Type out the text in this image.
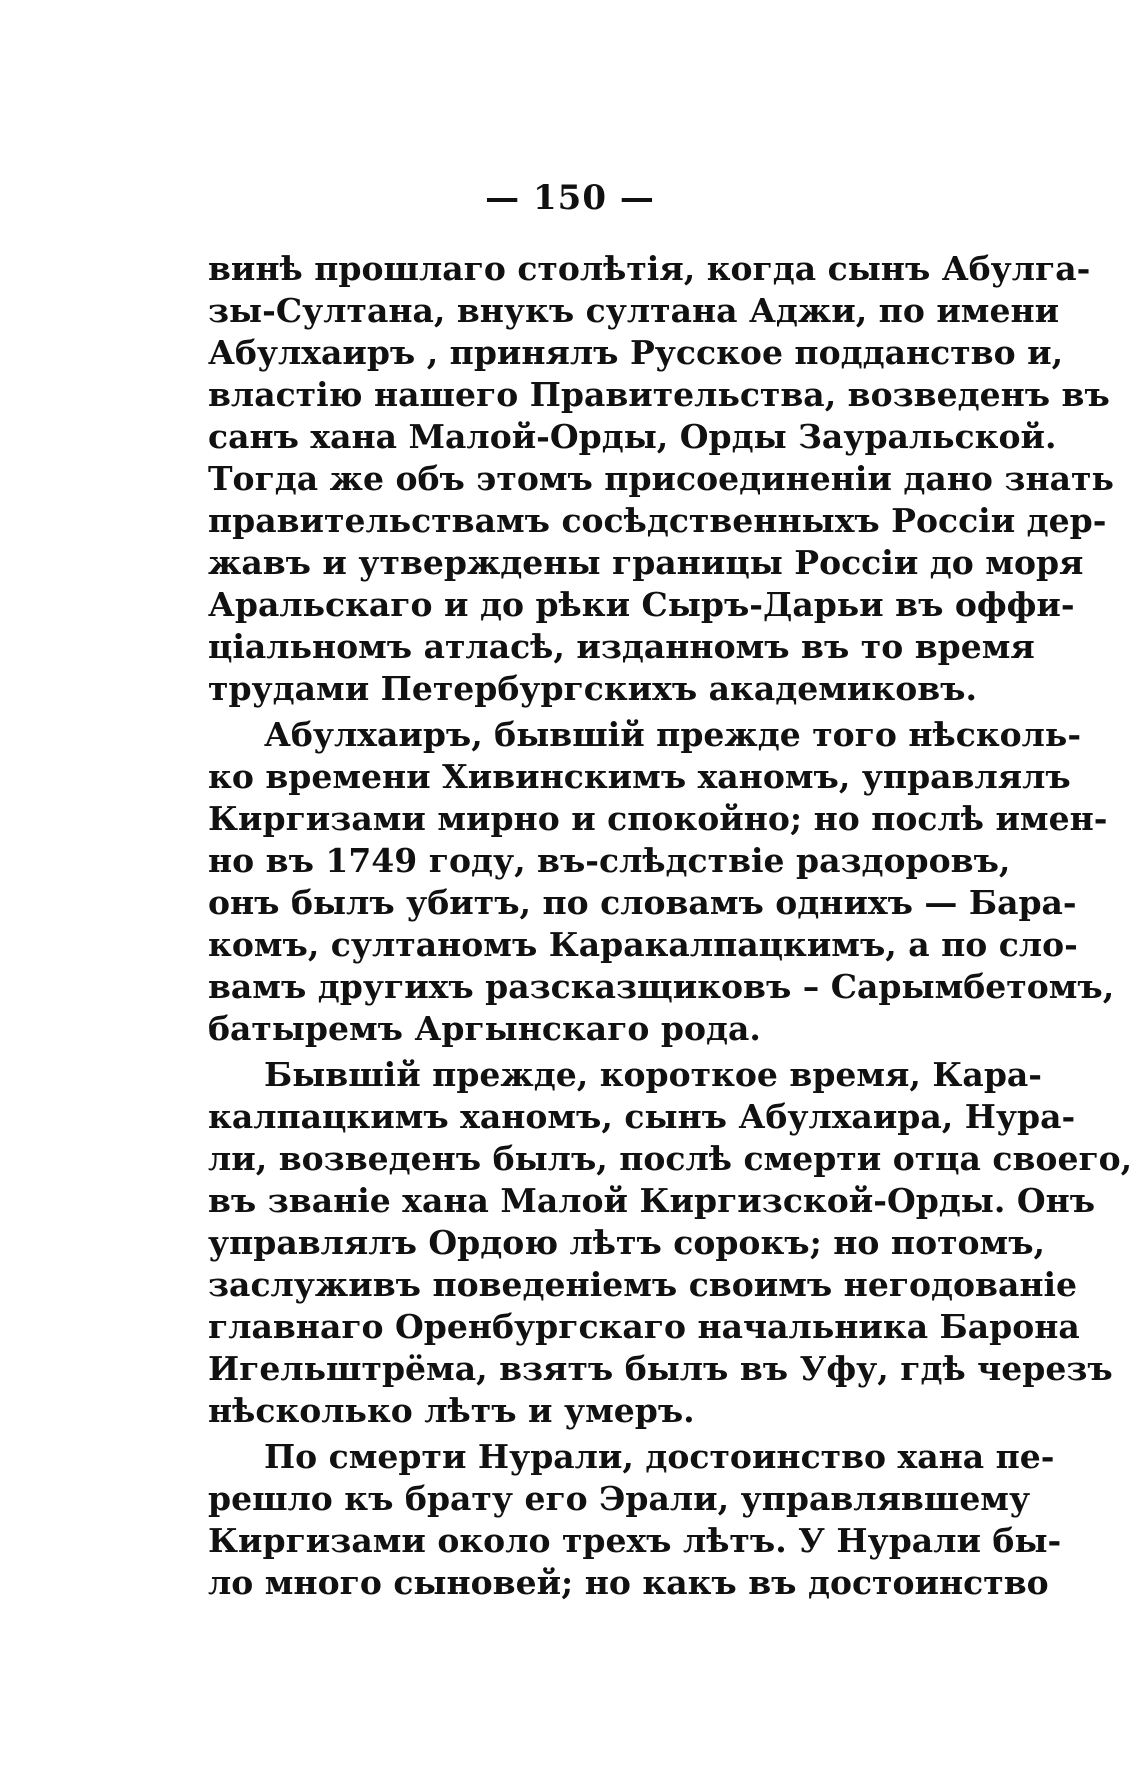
— 150 —
винѣ прошлаго столѣтія, когда сынъ Абулга-
зы-Султана, внукъ султана Аджи, по имени
Абулхаиръ , принялъ Русское подданство и,
властію нашего Правительства, возведенъ въ
санъ хана Малой-Орды, Орды Зауральской.
Тогда же объ этомъ присоединеніи дано знать
правительствамъ сосѣдственныхъ Россіи дер-
жавъ и утверждены границы Россіи до моря
Аральскаго и до рѣки Сыръ-Дарьи въ оффи-
ціальномъ атласѣ, изданномъ въ то время
трудами Петербургскихъ академиковъ.
Абулхаиръ, бывшій прежде того нѣсколь-
ко времени Хивинскимъ ханомъ, управлялъ
Киргизами мирно и спокойно; но послѣ имен-
но въ 1749 году, въ-слѣдствіе раздоровъ,
онъ былъ убитъ, по словамъ однихъ — Бара-
комъ, султаномъ Каракалпацкимъ, а по сло-
вамъ другихъ разсказщиковъ – Сарымбетомъ,
батыремъ Аргынскаго рода.
Бывшій прежде, короткое время, Кара-
калпацкимъ ханомъ, сынъ Абулхаира, Нура-
ли, возведенъ былъ, послѣ смерти отца своего,
въ званіе хана Малой Киргизской-Орды. Онъ
управлялъ Ордою лѣтъ сорокъ; но потомъ,
заслуживъ поведеніемъ своимъ негодованіе
главнаго Оренбургскаго начальника Барона
Игельштрёма, взятъ былъ въ Уфу, гдѣ черезъ
нѣсколько лѣтъ и умеръ.
По смерти Нурали, достоинство хана пе-
решло къ брату его Эрали, управлявшему
Киргизами около трехъ лѣтъ. У Нурали бы-
ло много сыновей; но какъ въ достоинство
